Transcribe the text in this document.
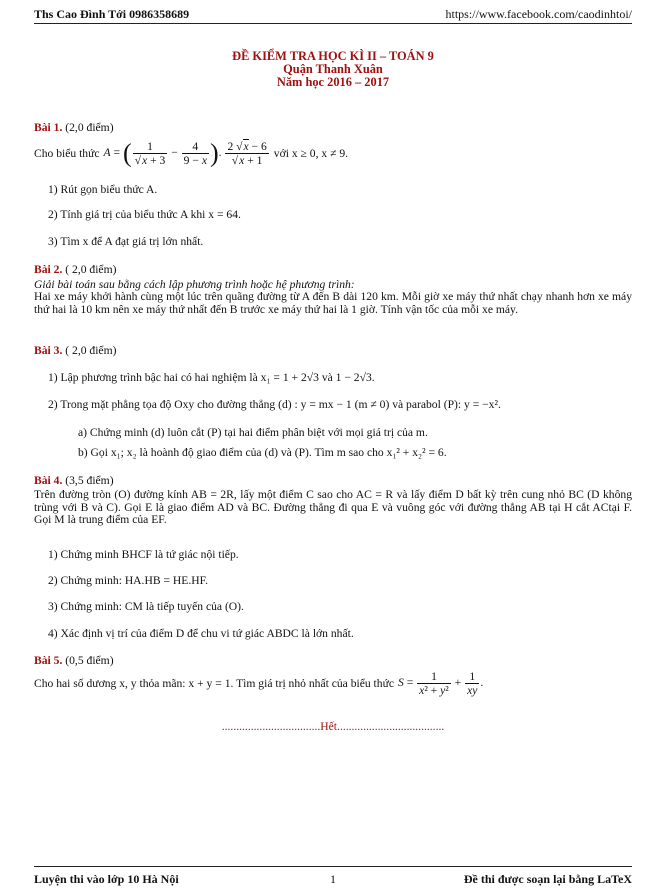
Ths Cao Đình Tới 0986358689	https://www.facebook.com/caodinhtoi/
ĐỀ KIỂM TRA HỌC KÌ II – TOÁN 9
Quận Thanh Xuân
Năm học 2016 – 2017
Bài 1. (2,0 điểm)
Cho biểu thức A = ( $\frac{1}{√x + 3} - \frac{4}{9 - x}$ ). $\frac{2 √x - 6}{√x + 1}$ với x ≥ 0, x ≠ 9.
1) Rút gọn biểu thức A.
2) Tính giá trị của biểu thức A khi x = 64.
3) Tìm x để A đạt giá trị lớn nhất.
Bài 2. ( 2,0 điểm)
Giải bài toán sau bằng cách lập phương trình hoặc hệ phương trình:
Hai xe máy khởi hành cùng một lúc trên quãng đường từ A đến B dài 120 km. Mỗi giờ xe máy thứ nhất chạy nhanh hơn xe máy thứ hai là 10 km nên xe máy thứ nhất đến B trước xe máy thứ hai là 1 giờ. Tính vận tốc của mỗi xe máy.
Bài 3. ( 2,0 điểm)
1) Lập phương trình bậc hai có hai nghiệm là x₁ = 1 + 2√3 và 1 − 2√3.
2) Trong mặt phẳng tọa độ Oxy cho đường thẳng (d) : y = mx − 1 (m ≠ 0) và parabol (P): y = −x².
a) Chứng minh (d) luôn cắt (P) tại hai điểm phân biệt với mọi giá trị của m.
b) Gọi x₁; x₂ là hoành độ giao điểm của (d) và (P). Tìm m sao cho x₁² + x₂² = 6.
Bài 4. (3,5 điểm)
Trên đường tròn (O) đường kính AB = 2R, lấy một điểm C sao cho AC = R và lấy điểm D bất kỳ trên cung nhỏ BC (D không trùng với B và C). Gọi E là giao điểm AD và BC. Đường thẳng đi qua E và vuông góc với đường thẳng AB tại H cắt ACtại F. Gọi M là trung điểm của EF.
1) Chứng minh BHCF là tứ giác nội tiếp.
2) Chứng minh: HA.HB = HE.HF.
3) Chứng minh: CM là tiếp tuyến của (O).
4) Xác định vị trí của điểm D để chu vi tứ giác ABDC là lớn nhất.
Bài 5. (0,5 điểm)
Cho hai số dương x, y thỏa mãn: x + y = 1. Tìm giá trị nhỏ nhất của biểu thức $S = \frac{1}{\text{x² + y²}} + \frac{1}{xy}$ .
..................................Hết.....................................
Luyện thi vào lớp 10 Hà Nội	1	Đề thi được soạn lại bằng LaTeX
